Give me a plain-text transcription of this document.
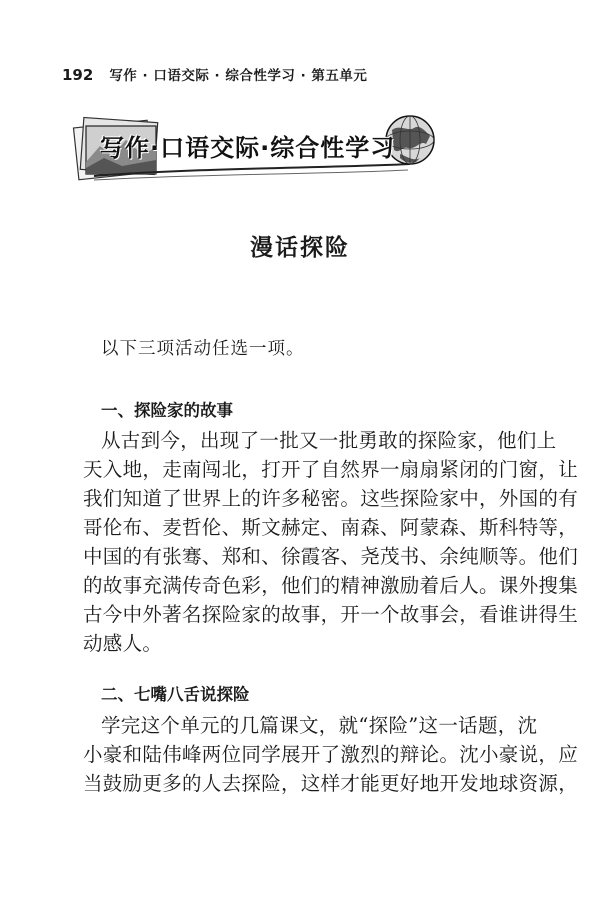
192 写作 · 口语交际 · 综合性学习 · 第五单元
写作·口语交际·综合性学习
漫话探险
以下三项活动任选一项。
一、探险家的故事
从古到今，出现了一批又一批勇敢的探险家，他们上
天入地，走南闯北，打开了自然界一扇扇紧闭的门窗，让
我们知道了世界上的许多秘密。这些探险家中，外国的有
哥伦布、麦哲伦、斯文赫定、南森、阿蒙森、斯科特等，
中国的有张骞、郑和、徐霞客、尧茂书、余纯顺等。他们
的故事充满传奇色彩，他们的精神激励着后人。课外搜集
古今中外著名探险家的故事，开一个故事会，看谁讲得生
动感人。
二、七嘴八舌说探险
学完这个单元的几篇课文，就“探险”这一话题，沈
小豪和陆伟峰两位同学展开了激烈的辩论。沈小豪说，应
当鼓励更多的人去探险，这样才能更好地开发地球资源，
